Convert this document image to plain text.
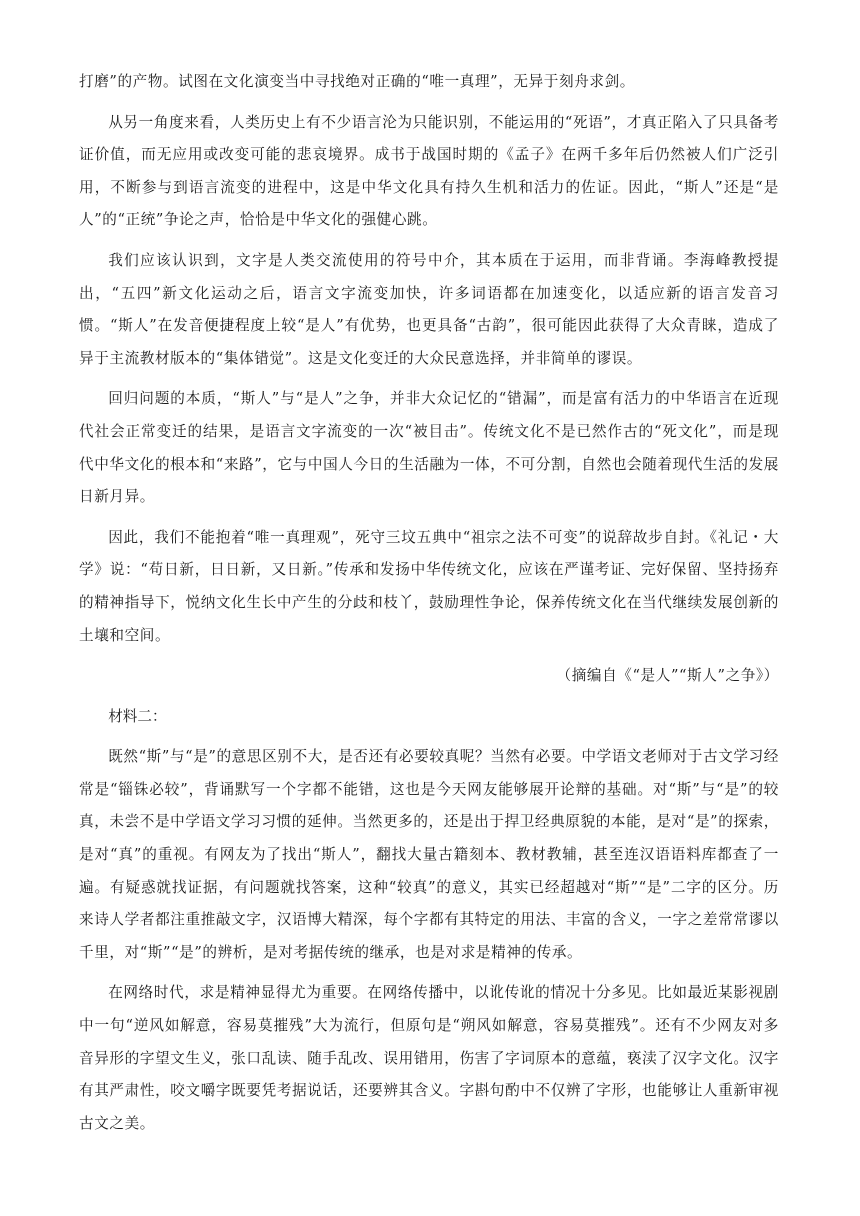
打磨”的产物。试图在文化演变当中寻找绝对正确的“唯一真理”，无异于刻舟求剑。

从另一角度来看，人类历史上有不少语言沦为只能识别，不能运用的“死语”，才真正陷入了只具备考证价值，而无应用或改变可能的悲哀境界。成书于战国时期的《孟子》在两千多年后仍然被人们广泛引用，不断参与到语言流变的进程中，这是中华文化具有持久生机和活力的佐证。因此，“斯人”还是“是人”的“正统”争论之声，恰恰是中华文化的强健心跳。

我们应该认识到，文字是人类交流使用的符号中介，其本质在于运用，而非背诵。李海峰教授提出，“五四”新文化运动之后，语言文字流变加快，许多词语都在加速变化，以适应新的语言发音习惯。“斯人”在发音便捷程度上较“是人”有优势，也更具备“古韵”，很可能因此获得了大众青睐，造成了异于主流教材版本的“集体错觉”。这是文化变迁的大众民意选择，并非简单的谬误。

回归问题的本质，“斯人”与“是人”之争，并非大众记忆的“错漏”，而是富有活力的中华语言在近现代社会正常变迁的结果，是语言文字流变的一次“被目击”。传统文化不是已然作古的“死文化”，而是现代中华文化的根本和“来路”，它与中国人今日的生活融为一体，不可分割，自然也会随着现代生活的发展日新月异。

因此，我们不能抱着“唯一真理观”，死守三坟五典中“祖宗之法不可变”的说辞故步自封。《礼记・大学》说：“苟日新，日日新，又日新。”传承和发扬中华传统文化，应该在严谨考证、完好保留、坚持扬弃的精神指导下，悦纳文化生长中产生的分歧和枝丫，鼓励理性争论，保养传统文化在当代继续发展创新的土壤和空间。

（摘编自《“是人”“斯人”之争》）

材料二：

既然“斯”与“是”的意思区别不大，是否还有必要较真呢？当然有必要。中学语文老师对于古文学习经常是“锱铢必较”，背诵默写一个字都不能错，这也是今天网友能够展开论辩的基础。对“斯”与“是”的较真，未尝不是中学语文学习习惯的延伸。当然更多的，还是出于捍卫经典原貌的本能，是对“是”的探索，是对“真”的重视。有网友为了找出“斯人”，翻找大量古籍刻本、教材教辅，甚至连汉语语料库都查了一遍。有疑惑就找证据，有问题就找答案，这种“较真”的意义，其实已经超越对“斯”“是”二字的区分。历来诗人学者都注重推敲文字，汉语博大精深，每个字都有其特定的用法、丰富的含义，一字之差常常谬以千里，对“斯”“是”的辨析，是对考据传统的继承，也是对求是精神的传承。

在网络时代，求是精神显得尤为重要。在网络传播中，以讹传讹的情况十分多见。比如最近某影视剧中一句“逆风如解意，容易莫摧残”大为流行，但原句是“朔风如解意，容易莫摧残”。还有不少网友对多音异形的字望文生义，张口乱读、随手乱改、误用错用，伤害了字词原本的意蕴，亵渎了汉字文化。汉字有其严肃性，咬文嚼字既要凭考据说话，还要辨其含义。字斟句酌中不仅辨了字形，也能够让人重新审视古文之美。
